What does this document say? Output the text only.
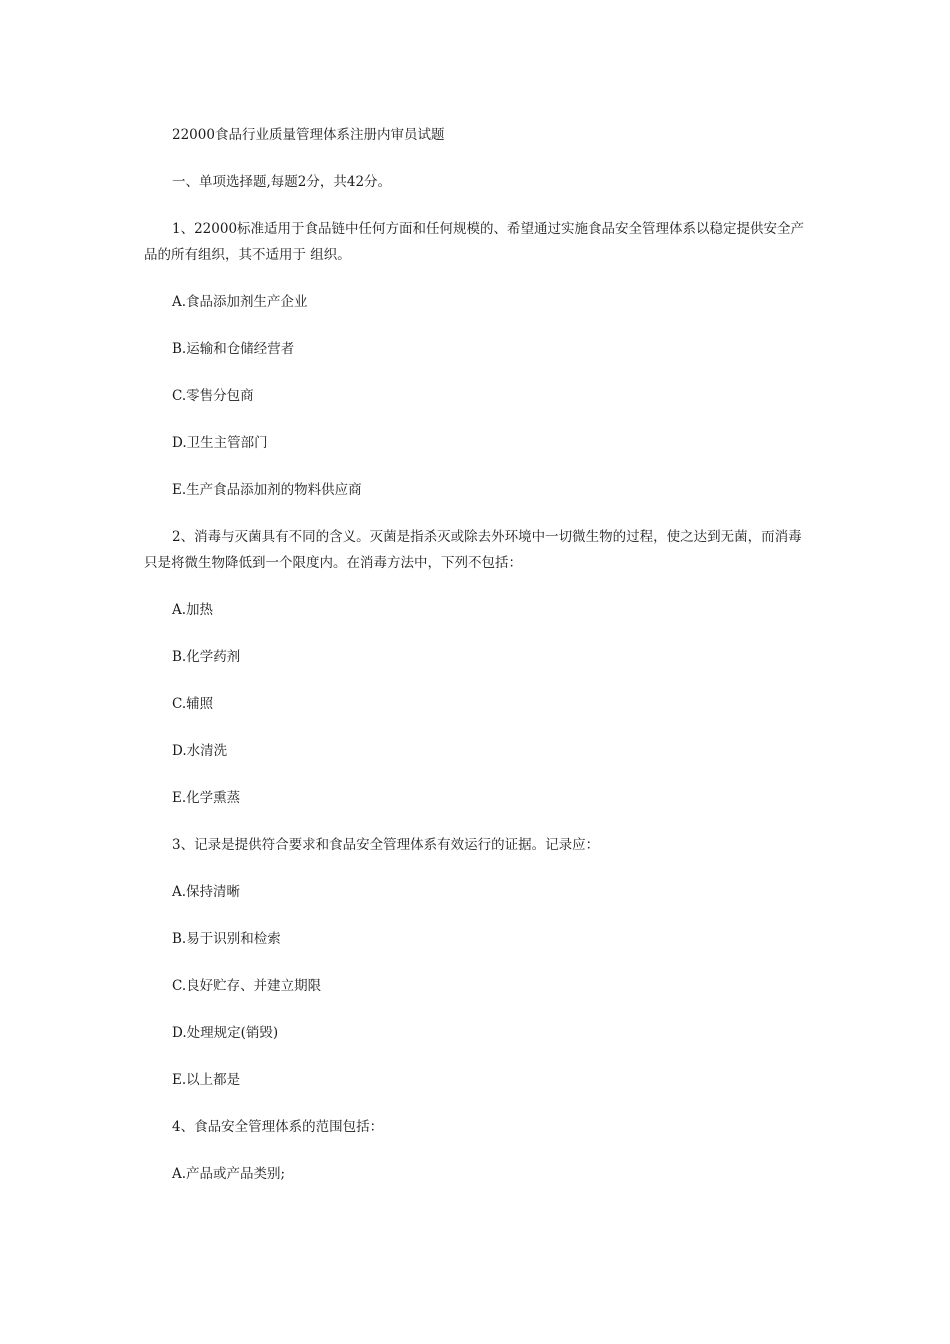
22000食品行业质量管理体系注册内审员试题

一、单项选择题,每题2分，共42分。

1、22000标准适用于食品链中任何方面和任何规模的、希望通过实施食品安全管理体系以稳定提供安全产品的所有组织，其不适用于 组织。

A.食品添加剂生产企业

B.运输和仓储经营者

C.零售分包商

D.卫生主管部门

E.生产食品添加剂的物料供应商

2、消毒与灭菌具有不同的含义。灭菌是指杀灭或除去外环境中一切微生物的过程，使之达到无菌，而消毒只是将微生物降低到一个限度内。在消毒方法中，下列不包括：

A.加热

B.化学药剂

C.辅照

D.水清洗

E.化学熏蒸

3、记录是提供符合要求和食品安全管理体系有效运行的证据。记录应：

A.保持清晰

B.易于识别和检索

C.良好贮存、并建立期限

D.处理规定(销毁)

E.以上都是

4、食品安全管理体系的范围包括：

A.产品或产品类别;
